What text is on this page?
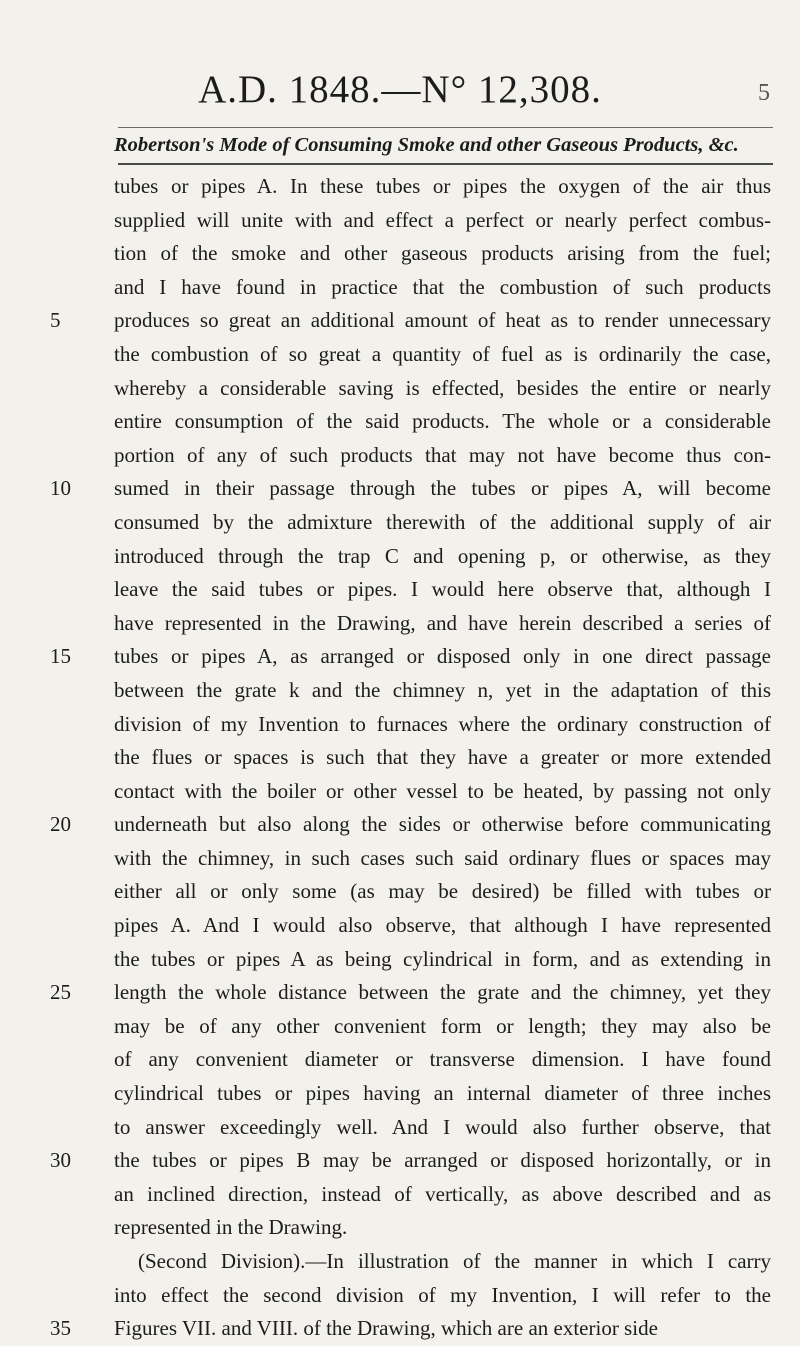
A.D. 1848.—N° 12,308.	5
Robertson's Mode of Consuming Smoke and other Gaseous Products, &c.
tubes or pipes A. In these tubes or pipes the oxygen of the air thus
supplied will unite with and effect a perfect or nearly perfect combus-
tion of the smoke and other gaseous products arising from the fuel;
and I have found in practice that the combustion of such products
5	produces so great an additional amount of heat as to render unnecessary
the combustion of so great a quantity of fuel as is ordinarily the case,
whereby a considerable saving is effected, besides the entire or nearly
entire consumption of the said products. The whole or a considerable
portion of any of such products that may not have become thus con-
10	sumed in their passage through the tubes or pipes A, will become
consumed by the admixture therewith of the additional supply of air
introduced through the trap C and opening p, or otherwise, as they
leave the said tubes or pipes. I would here observe that, although I
have represented in the Drawing, and have herein described a series of
15	tubes or pipes A, as arranged or disposed only in one direct passage
between the grate k and the chimney n, yet in the adaptation of this
division of my Invention to furnaces where the ordinary construction of
the flues or spaces is such that they have a greater or more extended
contact with the boiler or other vessel to be heated, by passing not only
20	underneath but also along the sides or otherwise before communicating
with the chimney, in such cases such said ordinary flues or spaces may
either all or only some (as may be desired) be filled with tubes or
pipes A. And I would also observe, that although I have represented
the tubes or pipes A as being cylindrical in form, and as extending in
25	length the whole distance between the grate and the chimney, yet they
may be of any other convenient form or length; they may also be
of any convenient diameter or transverse dimension. I have found
cylindrical tubes or pipes having an internal diameter of three inches
to answer exceedingly well. And I would also further observe, that
30	the tubes or pipes B may be arranged or disposed horizontally, or in
an inclined direction, instead of vertically, as above described and as
represented in the Drawing.
(Second Division).—In illustration of the manner in which I carry
into effect the second division of my Invention, I will refer to the
35	Figures VII. and VIII. of the Drawing, which are an exterior side
